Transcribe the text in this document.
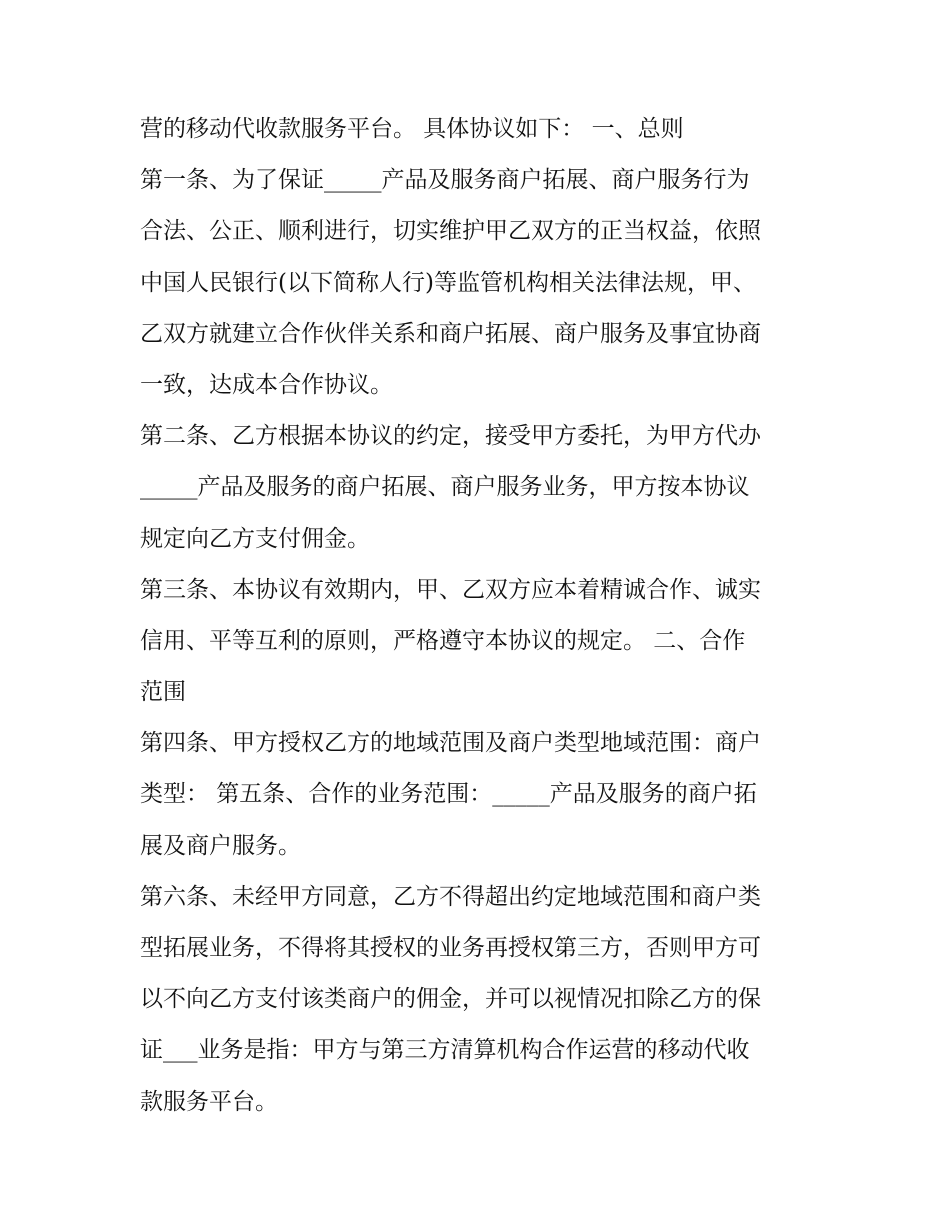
营的移动代收款服务平台。 具体协议如下： 一、总则
第一条、为了保证_____产品及服务商户拓展、商户服务行为
合法、公正、顺利进行，切实维护甲乙双方的正当权益，依照
中国人民银行(以下简称人行)等监管机构相关法律法规，甲、
乙双方就建立合作伙伴关系和商户拓展、商户服务及事宜协商
一致，达成本合作协议。
第二条、乙方根据本协议的约定，接受甲方委托，为甲方代办
_____产品及服务的商户拓展、商户服务业务，甲方按本协议
规定向乙方支付佣金。
第三条、本协议有效期内，甲、乙双方应本着精诚合作、诚实
信用、平等互利的原则，严格遵守本协议的规定。 二、合作
范围
第四条、甲方授权乙方的地域范围及商户类型地域范围：商户
类型： 第五条、合作的业务范围：_____产品及服务的商户拓
展及商户服务。
第六条、未经甲方同意，乙方不得超出约定地域范围和商户类
型拓展业务，不得将其授权的业务再授权第三方，否则甲方可
以不向乙方支付该类商户的佣金，并可以视情况扣除乙方的保
证___业务是指：甲方与第三方清算机构合作运营的移动代收
款服务平台。
